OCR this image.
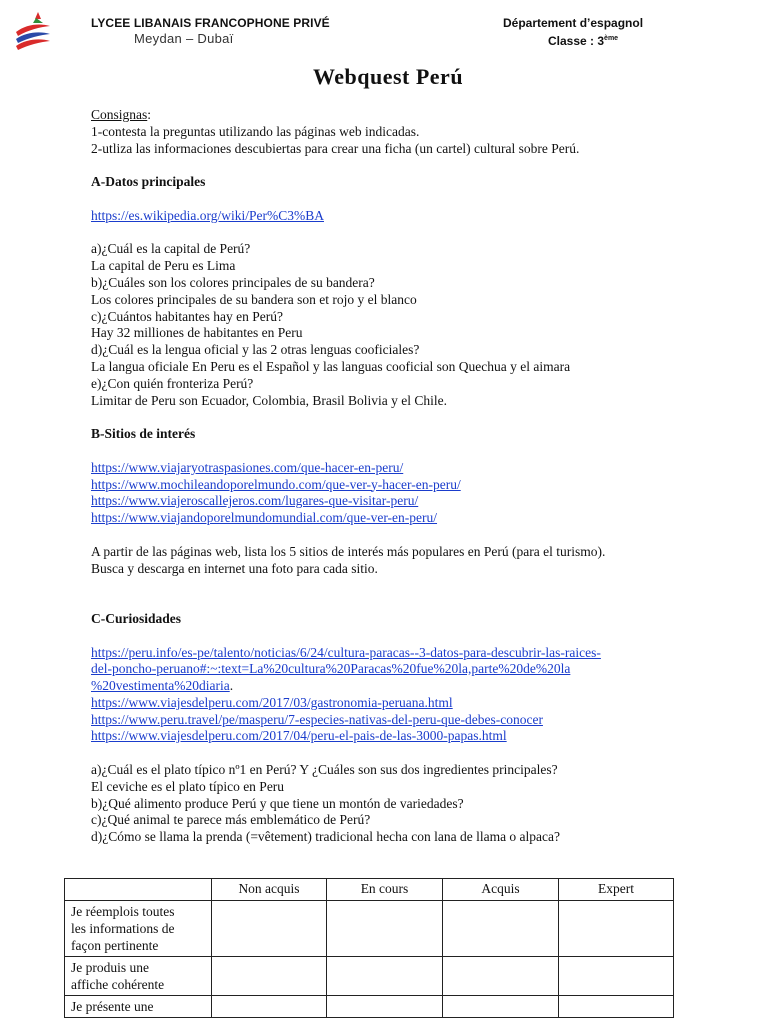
LYCEE LIBANAIS FRANCOPHONE PRIVÉ
Meydan – Dubaï
Département d’espagnol
Classe : 3ème
Webquest Perú

Consignas:

1-contesta la preguntas utilizando las páginas web indicadas.

2-utliza las informaciones descubiertas para crear una ficha (un cartel) cultural sobre Perú.

A-Datos principales

https://es.wikipedia.org/wiki/Per%C3%BA

a)¿Cuál es la capital de Perú?

La capital de Peru es Lima

b)¿Cuáles son los colores principales de su bandera?

Los colores principales de su bandera son et rojo y el blanco

c)¿Cuántos habitantes hay en Perú?

Hay 32 milliones de habitantes en Peru

d)¿Cuál es la lengua oficial y las 2 otras lenguas cooficiales?

La langua oficiale En Peru es el Español y las languas cooficial son Quechua y el aimara

e)¿Con quién fronteriza Perú?

Limitar de Peru son Ecuador, Colombia, Brasil Bolivia y el Chile.

B-Sitios de interés

https://www.viajaryotraspasiones.com/que-hacer-en-peru/

https://www.mochileandoporelmundo.com/que-ver-y-hacer-en-peru/

https://www.viajeroscallejeros.com/lugares-que-visitar-peru/

https://www.viajandoporelmundomundial.com/que-ver-en-peru/

A partir de las páginas web, lista los 5 sitios de interés más populares en Perú (para el turismo).

Busca y descarga en internet una foto para cada sitio.

C-Curiosidades

https://peru.info/es-pe/talento/noticias/6/24/cultura-paracas--3-datos-para-descubrir-las-raices-

del-poncho-peruano#:~:text=La%20cultura%20Paracas%20fue%20la,parte%20de%20la

%20vestimenta%20diaria.

https://www.viajesdelperu.com/2017/03/gastronomia-peruana.html

https://www.peru.travel/pe/masperu/7-especies-nativas-del-peru-que-debes-conocer

https://www.viajesdelperu.com/2017/04/peru-el-pais-de-las-3000-papas.html

a)¿Cuál es el plato típico nº1 en Perú? Y ¿Cuáles son sus dos ingredientes principales?

El ceviche es el plato típico en Peru

b)¿Qué alimento produce Perú y que tiene un montón de variedades?

c)¿Qué animal te parece más emblemático de Perú?

d)¿Cómo se llama la prenda (=vêtement) tradicional hecha con lana de llama o alpaca?

	Non acquis	En cours	Acquis	Expert

Je réemplois toutes
les informations de
façon pertinente				

Je produis une
affiche cohérente				

Je présente une				
